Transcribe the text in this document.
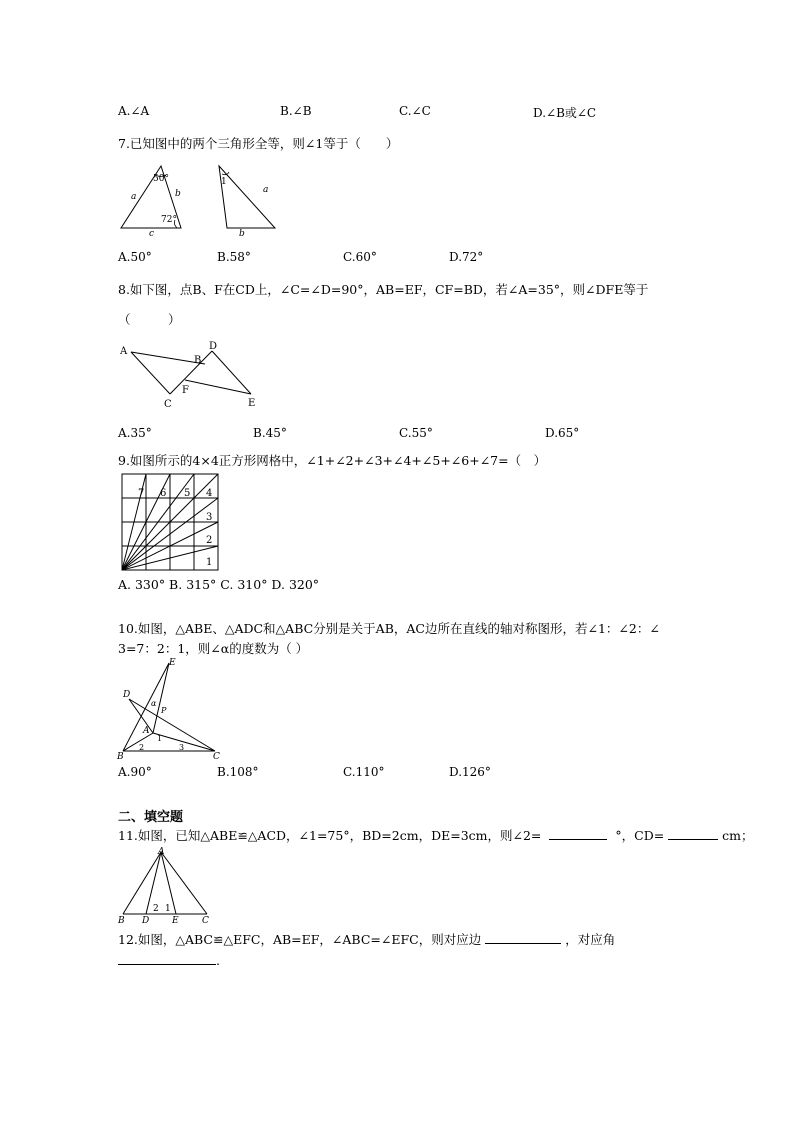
A.∠A	B.∠B	C.∠C	D.∠B或∠C
7.已知图中的两个三角形全等，则∠1等于（　　）
50°
72°
a	b
c
1
a
b
A.50°	B.58°	C.60°	D.72°
8.如下图，点B、F在CD上，∠C=∠D=90°，AB=EF，CF=BD，若∠A=35°，则∠DFE等于
（　　　）
A
B
C
D
E
F
A.35°	B.45°	C.55°	D.65°
9.如图所示的4×4正方形网格中，∠1+∠2+∠3+∠4+∠5+∠6+∠7=（　）
1
2
3
4
5
6
7
A. 330° B. 315° C. 310° D. 320°
10.如图，△ABE、△ADC和△ABC分别是关于AB，AC边所在直线的轴对称图形，若∠1：∠2：∠
3=7：2：1，则∠α的度数为（ ）
E
D
A
B	C
P
α
1
2	3
A.90°	B.108°	C.110°	D.126°
二、填空题
11.如图，已知△ABE≌△ACD，∠1=75°，BD=2cm，DE=3cm，则∠2=	°，CD=	cm；
A
B D	E	C
2 1
12.如图，△ABC≌△EFC，AB=EF，∠ABC=∠EFC，则对应边	，对应角
.
